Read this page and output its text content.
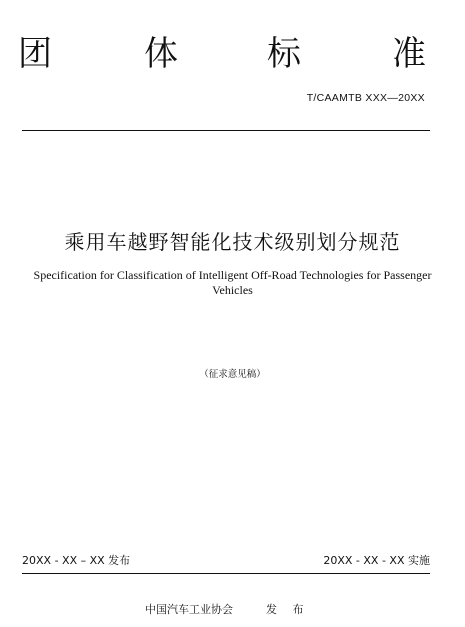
团	体	标	准
T/CAAMTB XXX—20XX
乘用车越野智能化技术级别划分规范
Specification for Classification of Intelligent Off-Road Technologies for Passenger Vehicles
（征求意见稿）
20XX - XX – XX 发布	20XX - XX - XX 实施
中国汽车工业协会	发 布
